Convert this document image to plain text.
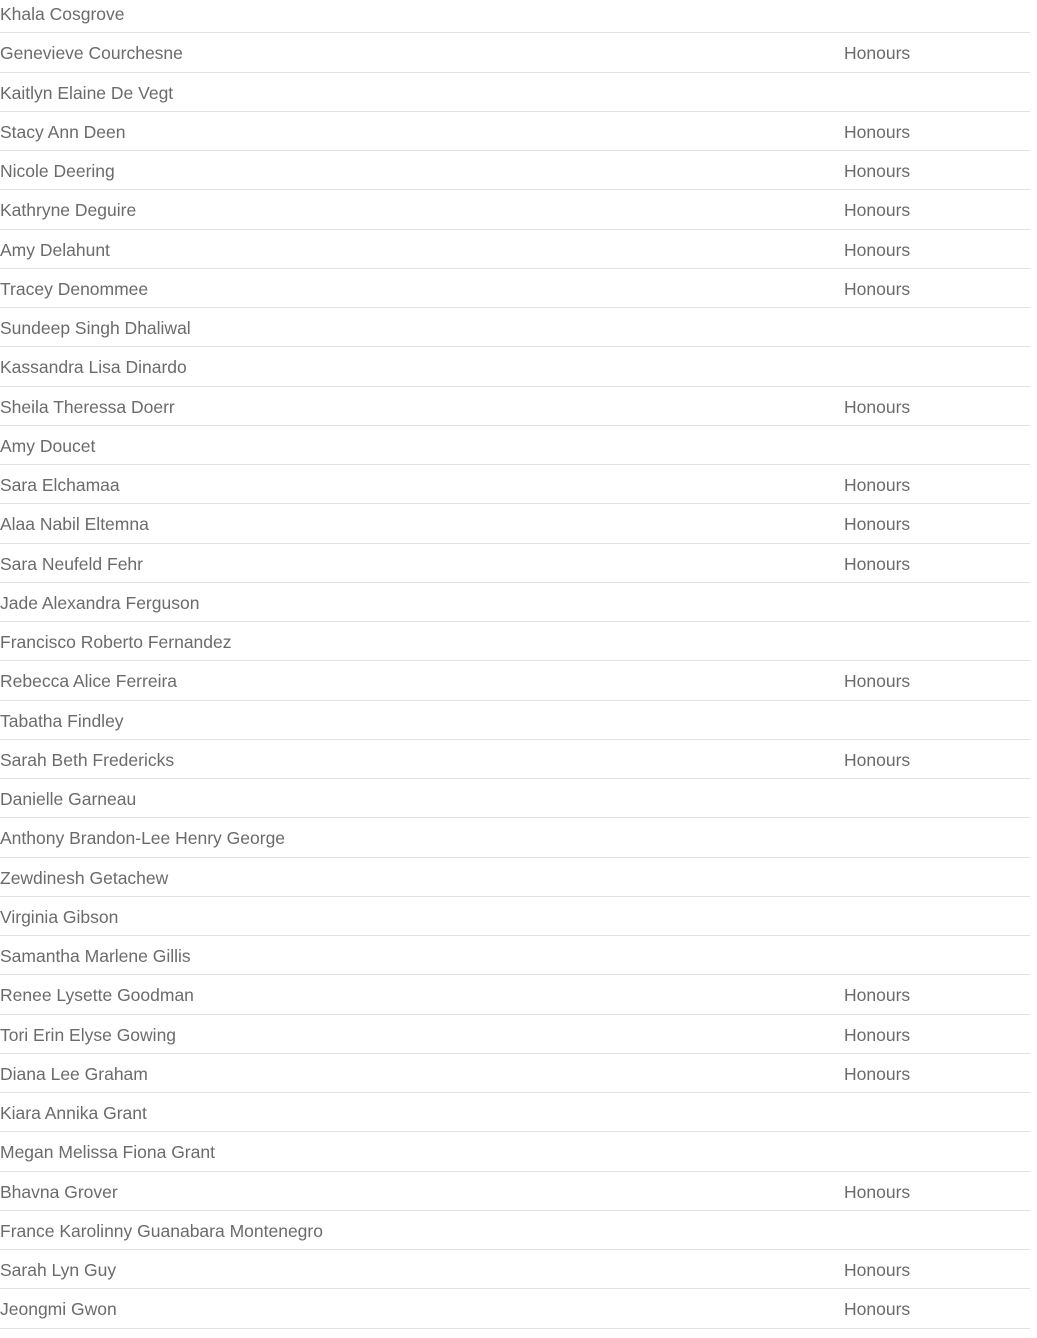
Khala Cosgrove
Genevieve Courchesne	Honours
Kaitlyn Elaine De Vegt
Stacy Ann Deen	Honours
Nicole Deering	Honours
Kathryne Deguire	Honours
Amy Delahunt	Honours
Tracey Denommee	Honours
Sundeep Singh Dhaliwal
Kassandra Lisa Dinardo
Sheila Theressa Doerr	Honours
Amy Doucet
Sara Elchamaa	Honours
Alaa Nabil Eltemna	Honours
Sara Neufeld Fehr	Honours
Jade Alexandra Ferguson
Francisco Roberto Fernandez
Rebecca Alice Ferreira	Honours
Tabatha Findley
Sarah Beth Fredericks	Honours
Danielle Garneau
Anthony Brandon-Lee Henry George
Zewdinesh Getachew
Virginia Gibson
Samantha Marlene Gillis
Renee Lysette Goodman	Honours
Tori Erin Elyse Gowing	Honours
Diana Lee Graham	Honours
Kiara Annika Grant
Megan Melissa Fiona Grant
Bhavna Grover	Honours
France Karolinny Guanabara Montenegro
Sarah Lyn Guy	Honours
Jeongmi Gwon	Honours
